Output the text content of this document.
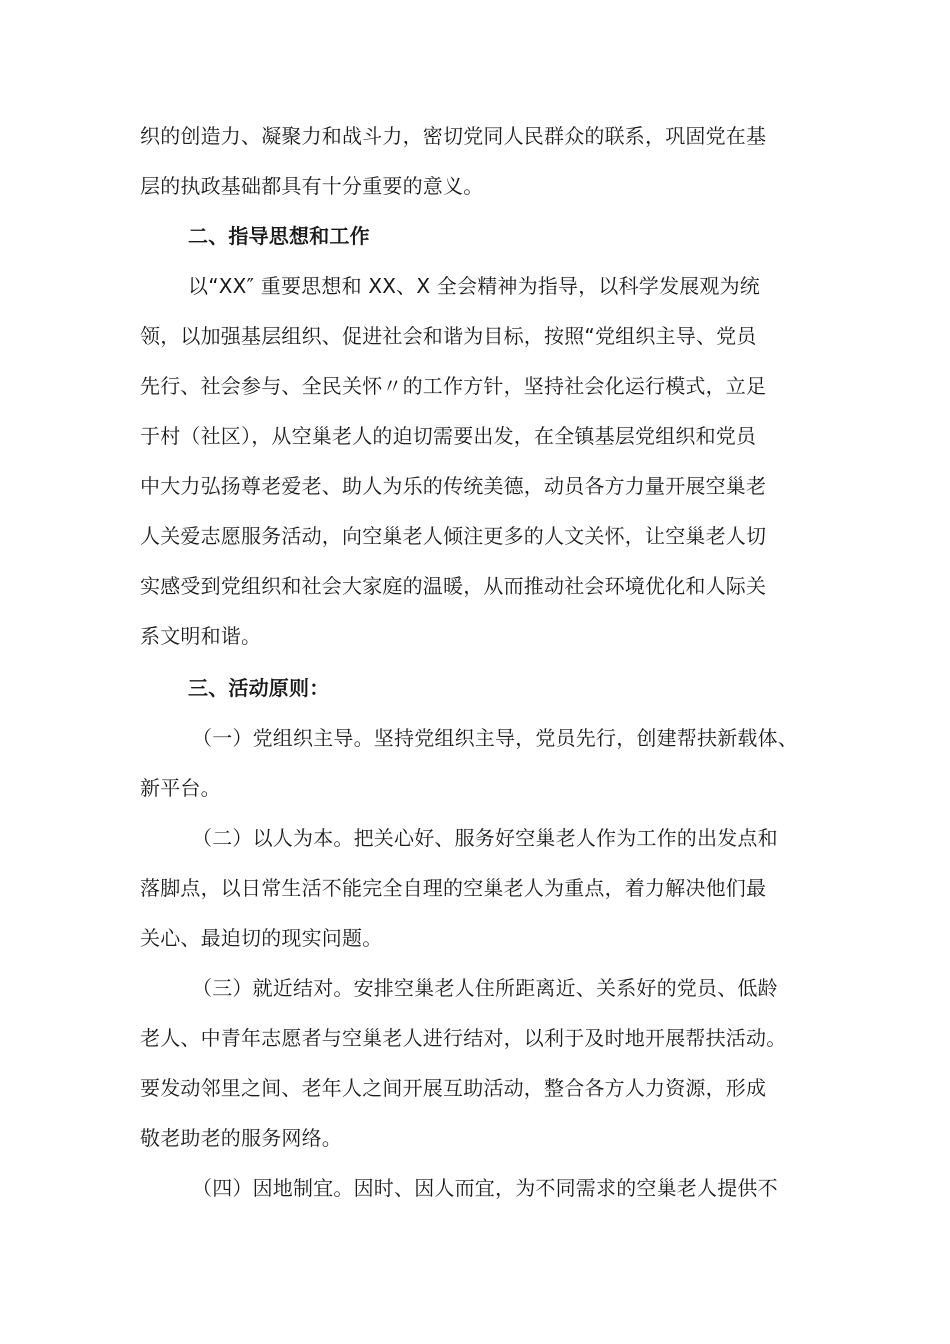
织的创造力、凝聚力和战斗力，密切党同人民群众的联系，巩固党在基
层的执政基础都具有十分重要的意义。
二、指导思想和工作
以“XX″ 重要思想和 XX、X 全会精神为指导，以科学发展观为统
领，以加强基层组织、促进社会和谐为目标，按照“党组织主导、党员
先行、社会参与、全民关怀〃的工作方针，坚持社会化运行模式，立足
于村（社区），从空巢老人的迫切需要出发，在全镇基层党组织和党员
中大力弘扬尊老爱老、助人为乐的传统美德，动员各方力量开展空巢老
人关爱志愿服务活动，向空巢老人倾注更多的人文关怀，让空巢老人切
实感受到党组织和社会大家庭的温暖，从而推动社会环境优化和人际关
系文明和谐。
三、活动原则：
（一）党组织主导。坚持党组织主导，党员先行，创建帮扶新载体、
新平台。
（二）以人为本。把关心好、服务好空巢老人作为工作的出发点和
落脚点，以日常生活不能完全自理的空巢老人为重点，着力解决他们最
关心、最迫切的现实问题。
（三）就近结对。安排空巢老人住所距离近、关系好的党员、低龄
老人、中青年志愿者与空巢老人进行结对，以利于及时地开展帮扶活动。
要发动邻里之间、老年人之间开展互助活动，整合各方人力资源，形成
敬老助老的服务网络。
（四）因地制宜。因时、因人而宜，为不同需求的空巢老人提供不
